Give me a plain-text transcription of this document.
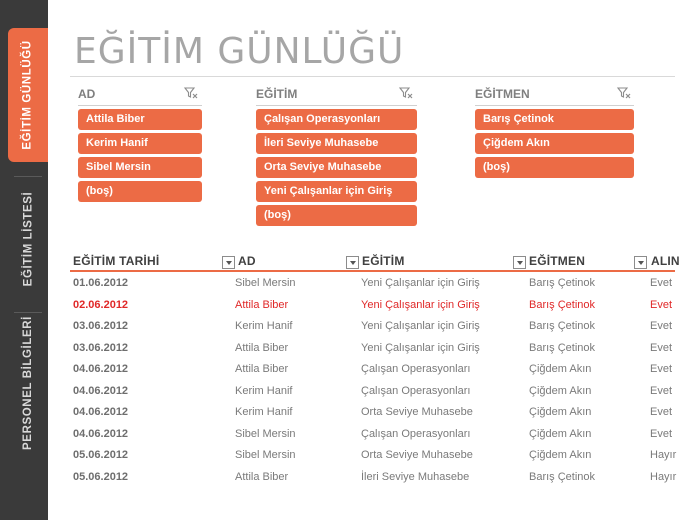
EĞİTİM GÜNLÜĞÜ
EĞİTİM LİSTESİ
PERSONEL BİLGİLERİ
EĞİTİM GÜNLÜĞÜ
AD
Attila Biber
Kerim Hanif
Sibel Mersin
(boş)
EĞİTİM
Çalışan Operasyonları
İleri Seviye Muhasebe
Orta Seviye Muhasebe
Yeni Çalışanlar için Giriş
(boş)
EĞİTMEN
Barış Çetinok
Çiğdem Akın
(boş)
EĞİTİM TARİHİ	AD	EĞİTİM	EĞİTMEN	ALIN
01.06.2012	Sibel Mersin	Yeni Çalışanlar için Giriş	Barış Çetinok	Evet
02.06.2012	Attila Biber	Yeni Çalışanlar için Giriş	Barış Çetinok	Evet
03.06.2012	Kerim Hanif	Yeni Çalışanlar için Giriş	Barış Çetinok	Evet
03.06.2012	Attila Biber	Yeni Çalışanlar için Giriş	Barış Çetinok	Evet
04.06.2012	Attila Biber	Çalışan Operasyonları	Çiğdem Akın	Evet
04.06.2012	Kerim Hanif	Çalışan Operasyonları	Çiğdem Akın	Evet
04.06.2012	Kerim Hanif	Orta Seviye Muhasebe	Çiğdem Akın	Evet
04.06.2012	Sibel Mersin	Çalışan Operasyonları	Çiğdem Akın	Evet
05.06.2012	Sibel Mersin	Orta Seviye Muhasebe	Çiğdem Akın	Hayır
05.06.2012	Attila Biber	İleri Seviye Muhasebe	Barış Çetinok	Hayır
